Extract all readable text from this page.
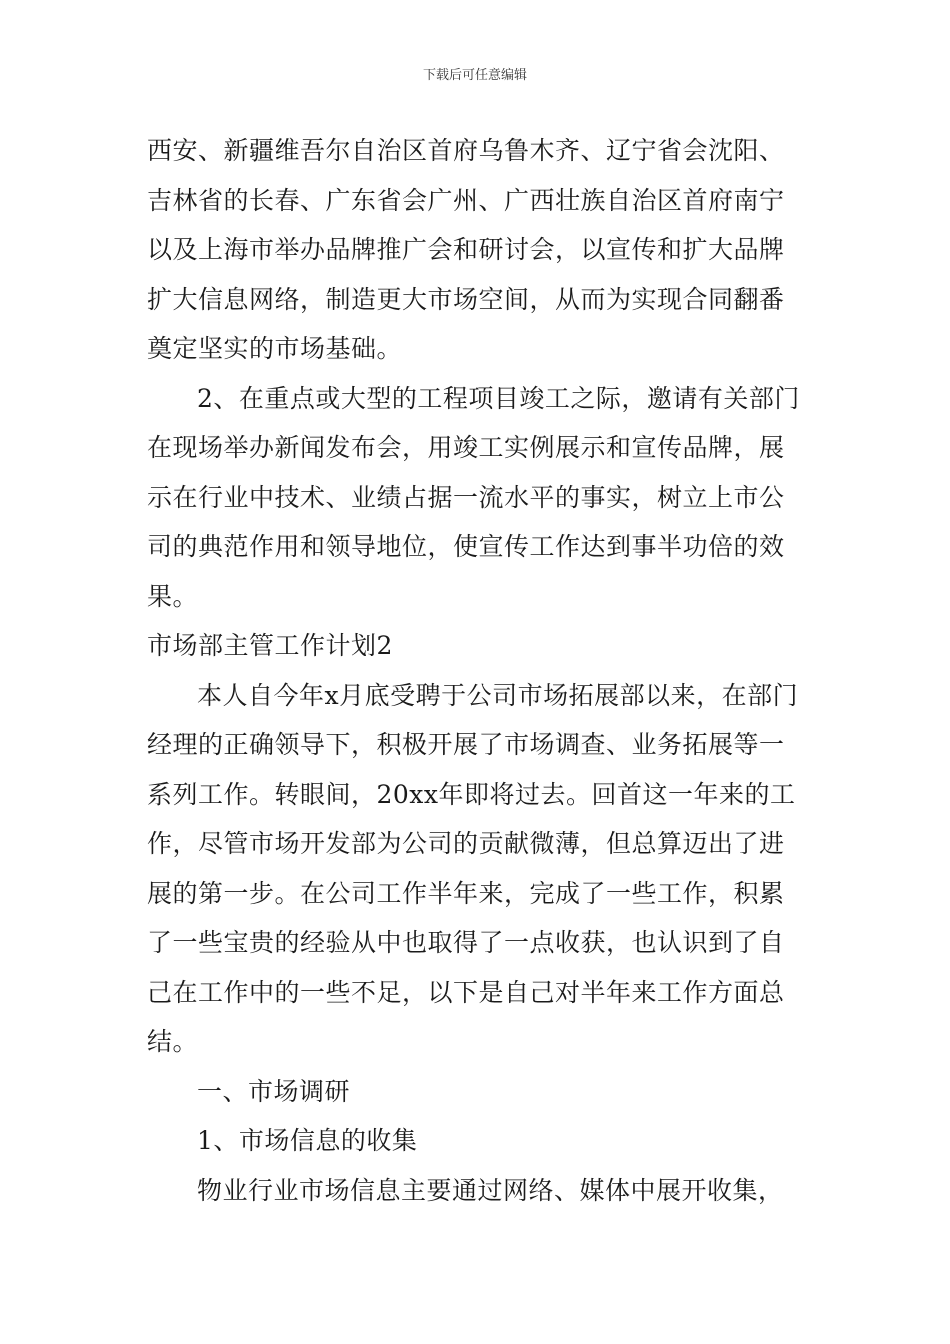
下载后可任意编辑
西安、新疆维吾尔自治区首府乌鲁木齐、辽宁省会沈阳、
吉林省的长春、广东省会广州、广西壮族自治区首府南宁
以及上海市举办品牌推广会和研讨会，以宣传和扩大品牌
扩大信息网络，制造更大市场空间，从而为实现合同翻番
奠定坚实的市场基础。
2、在重点或大型的工程项目竣工之际，邀请有关部门
在现场举办新闻发布会，用竣工实例展示和宣传品牌，展
示在行业中技术、业绩占据一流水平的事实，树立上市公
司的典范作用和领导地位，使宣传工作达到事半功倍的效
果。
市场部主管工作计划2
本人自今年x月底受聘于公司市场拓展部以来，在部门
经理的正确领导下，积极开展了市场调查、业务拓展等一
系列工作。转眼间，20xx年即将过去。回首这一年来的工
作，尽管市场开发部为公司的贡献微薄，但总算迈出了进
展的第一步。在公司工作半年来，完成了一些工作，积累
了一些宝贵的经验从中也取得了一点收获，也认识到了自
己在工作中的一些不足，以下是自己对半年来工作方面总
结。
一、市场调研
1、市场信息的收集
物业行业市场信息主要通过网络、媒体中展开收集，
